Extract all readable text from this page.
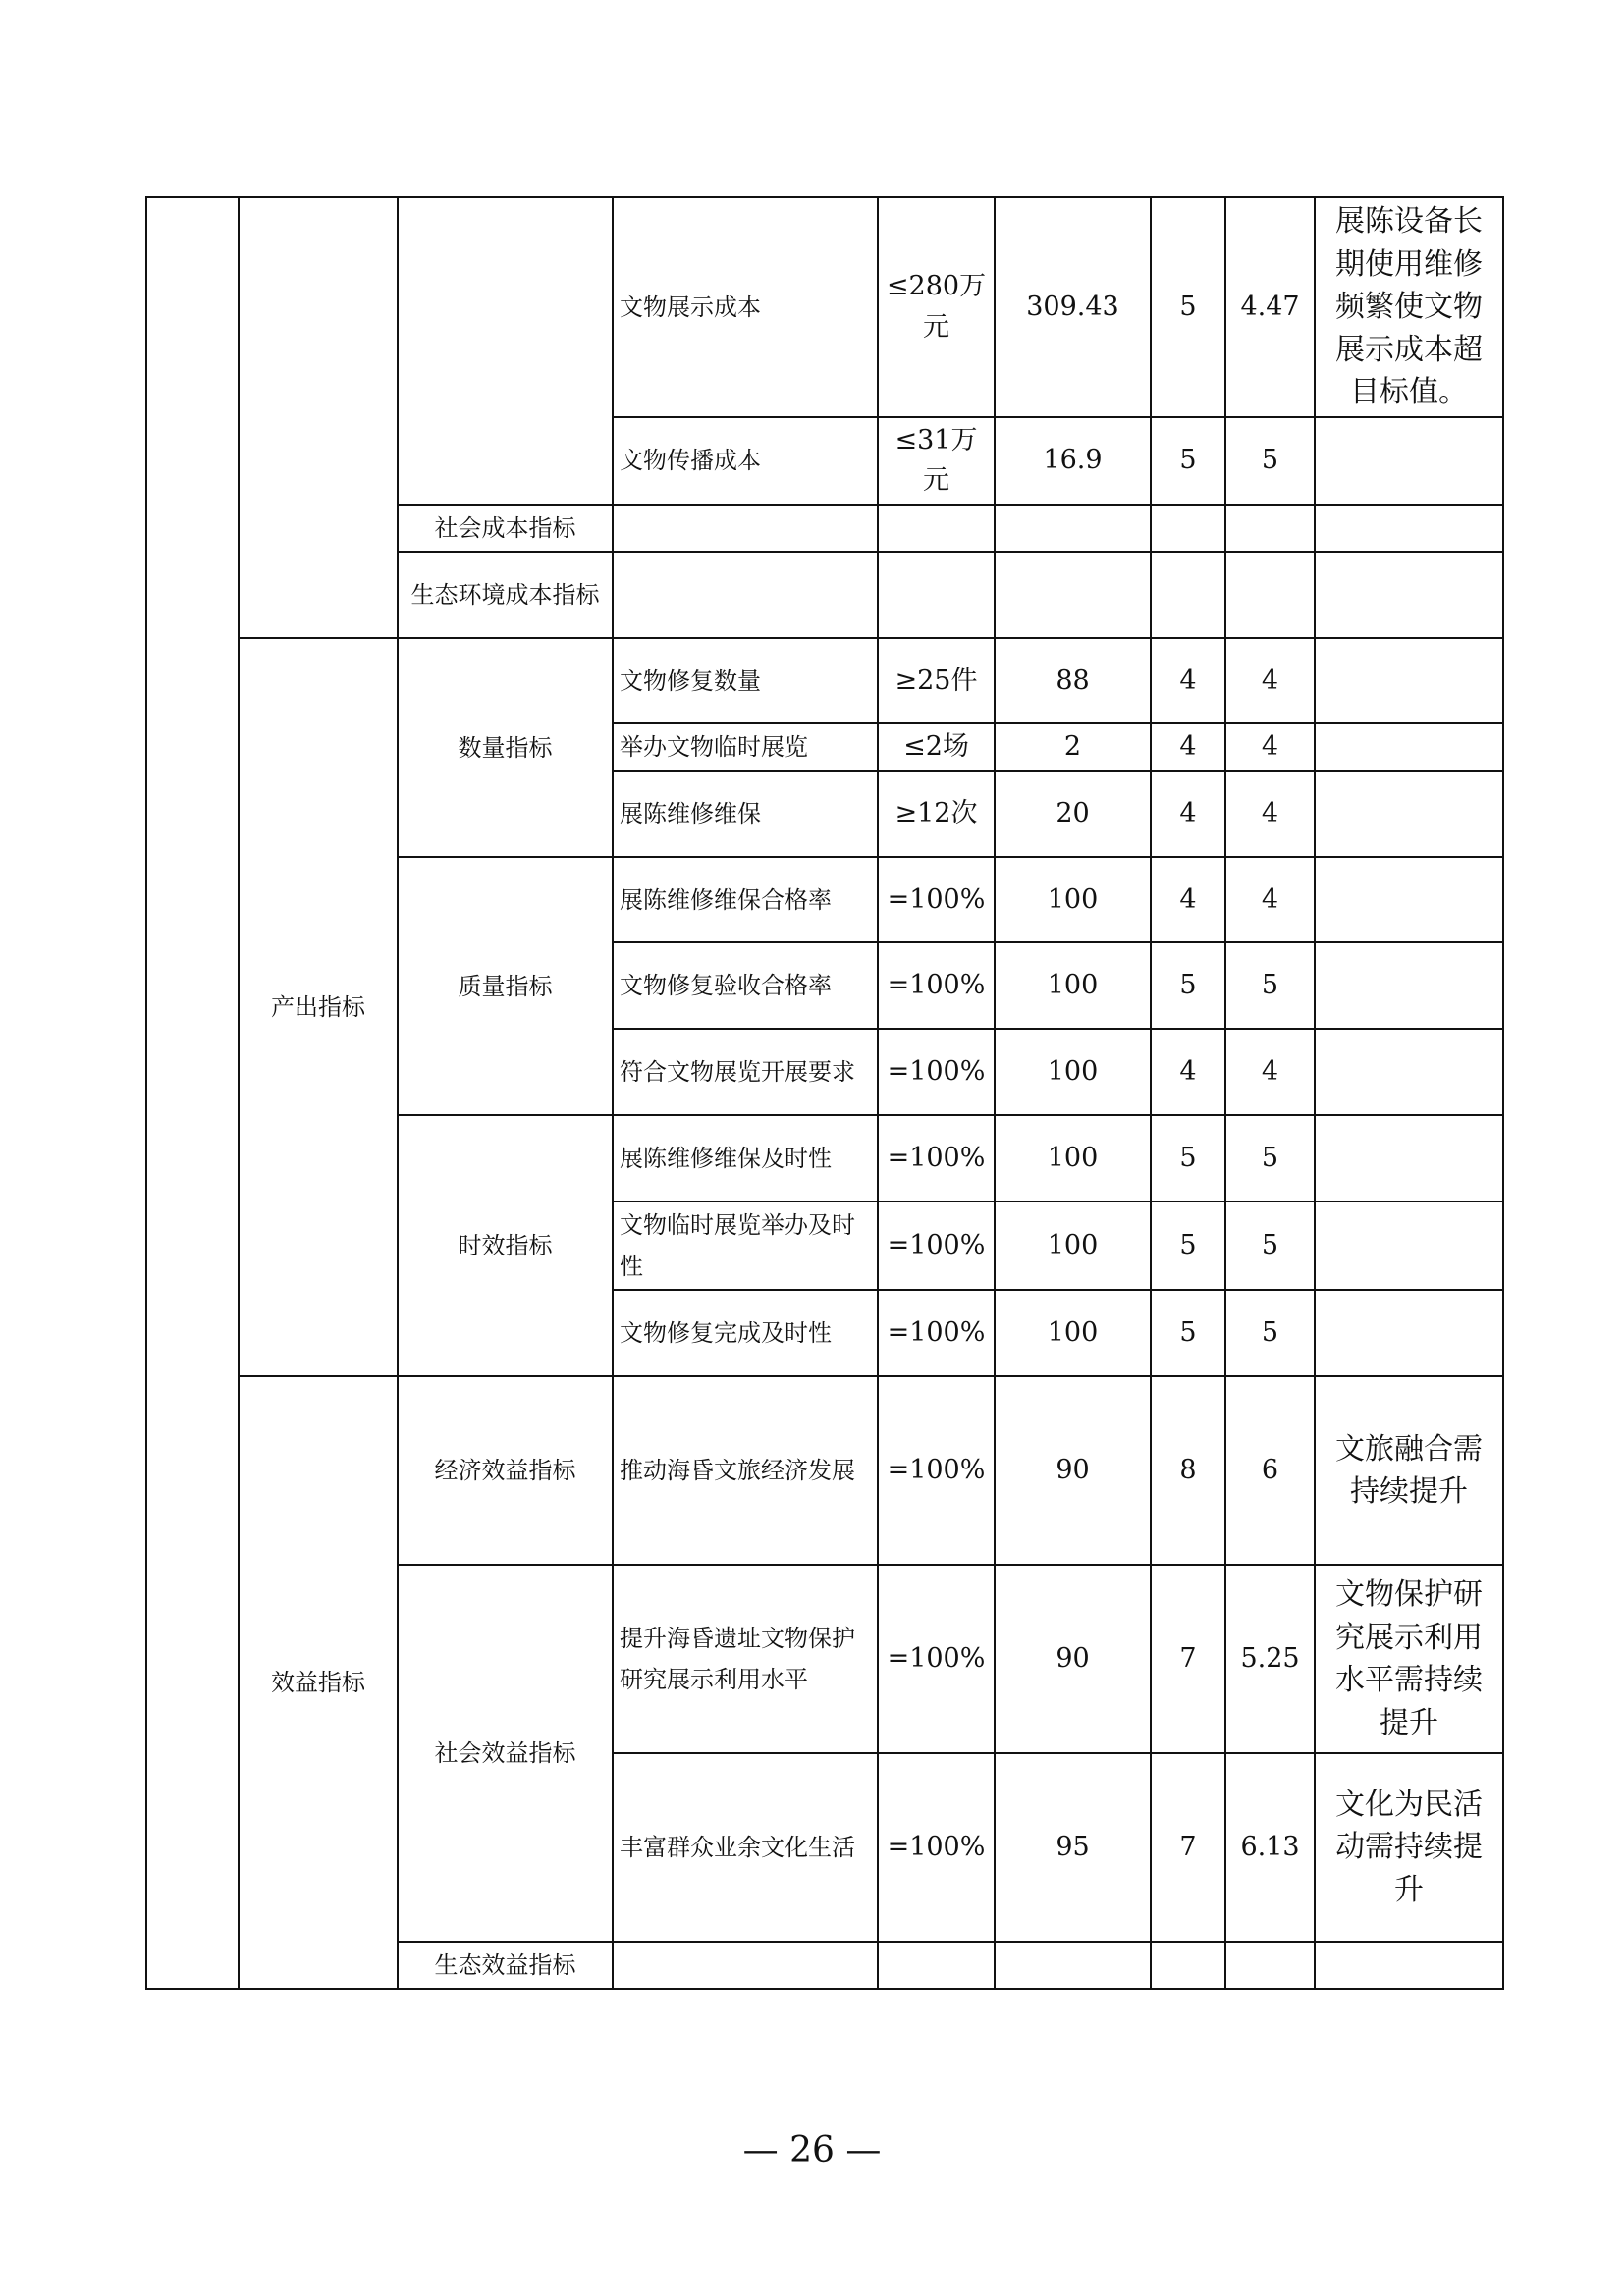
			文物展示成本	≤280万元	309.43	5	4.47	展陈设备长期使用维修频繁使文物展示成本超目标值。
			文物传播成本	≤31万元	16.9	5	5	
		社会成本指标						
		生态环境成本指标						
	产出指标	数量指标	文物修复数量	≥25件	88	4	4	
			举办文物临时展览	≤2场	2	4	4	
			展陈维修维保	≥12次	20	4	4	
		质量指标	展陈维修维保合格率	=100%	100	4	4	
			文物修复验收合格率	=100%	100	5	5	
			符合文物展览开展要求	=100%	100	4	4	
		时效指标	展陈维修维保及时性	=100%	100	5	5	
			文物临时展览举办及时性	=100%	100	5	5	
			文物修复完成及时性	=100%	100	5	5	
	效益指标	经济效益指标	推动海昏文旅经济发展	=100%	90	8	6	文旅融合需持续提升
		社会效益指标	提升海昏遗址文物保护研究展示利用水平	=100%	90	7	5.25	文物保护研究展示利用水平需持续提升
			丰富群众业余文化生活	=100%	95	7	6.13	文化为民活动需持续提升
		生态效益指标						
— 26 —
